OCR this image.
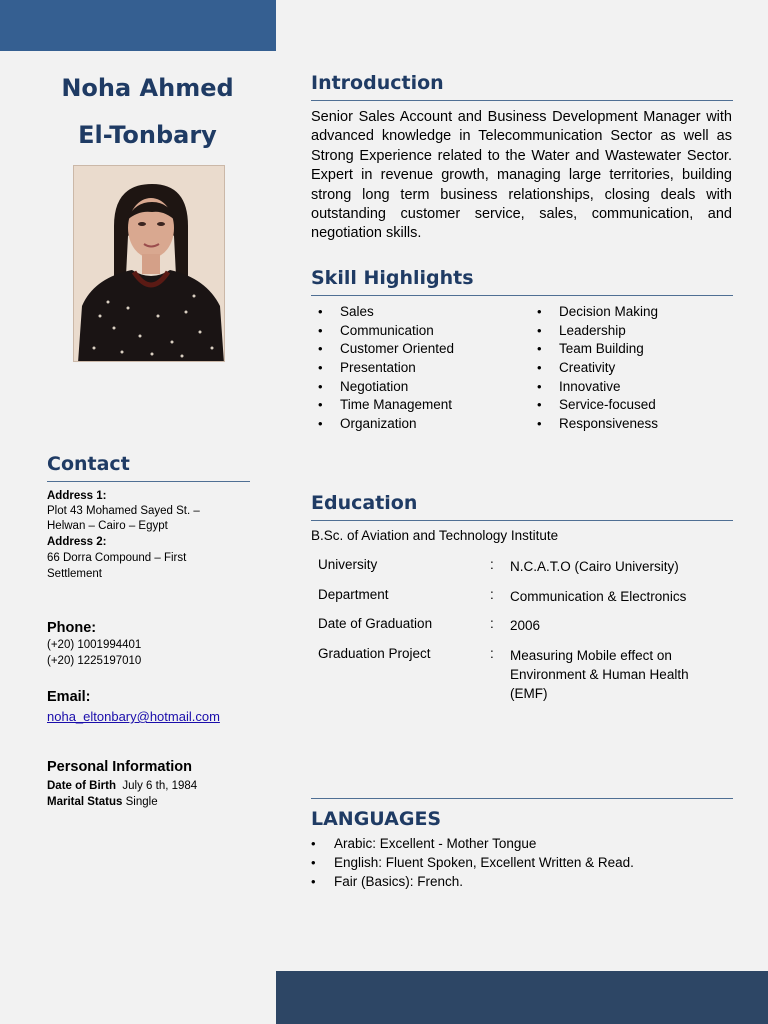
Noha Ahmed
El-Tonbary
Contact

Address 1:

Plot 43 Mohamed Sayed St. –

Helwan – Cairo – Egypt

Address 2:

66 Dorra Compound – First

Settlement

Phone:

(+20) 1001994401

(+20) 1225197010

Email:

noha_eltonbary@hotmail.com

Personal Information

Date of Birth July 6 th, 1984

Marital Status Single

Introduction

Senior Sales Account and Business Development Manager with advanced knowledge in Telecommunication Sector as well as Strong Experience related to the Water and Wastewater Sector. Expert in revenue growth, managing large territories, building strong long term business relationships, closing deals with outstanding customer service, sales, communication, and negotiation skills.

Skill Highlights
• Sales
• Communication
• Customer Oriented
• Presentation
• Negotiation
• Time Management
• Organization
• Decision Making
• Leadership
• Team Building
• Creativity
• Innovative
• Service-focused
• Responsiveness
Education

B.Sc. of Aviation and Technology Institute

University	: N.C.A.T.O (Cairo University)
Department	: Communication & Electronics
Date of Graduation	: 2006
Graduation Project	: Measuring Mobile effect on Environment & Human Health (EMF)
LANGUAGES
• Arabic: Excellent - Mother Tongue
• English: Fluent Spoken, Excellent Written & Read.
• Fair (Basics): French.
